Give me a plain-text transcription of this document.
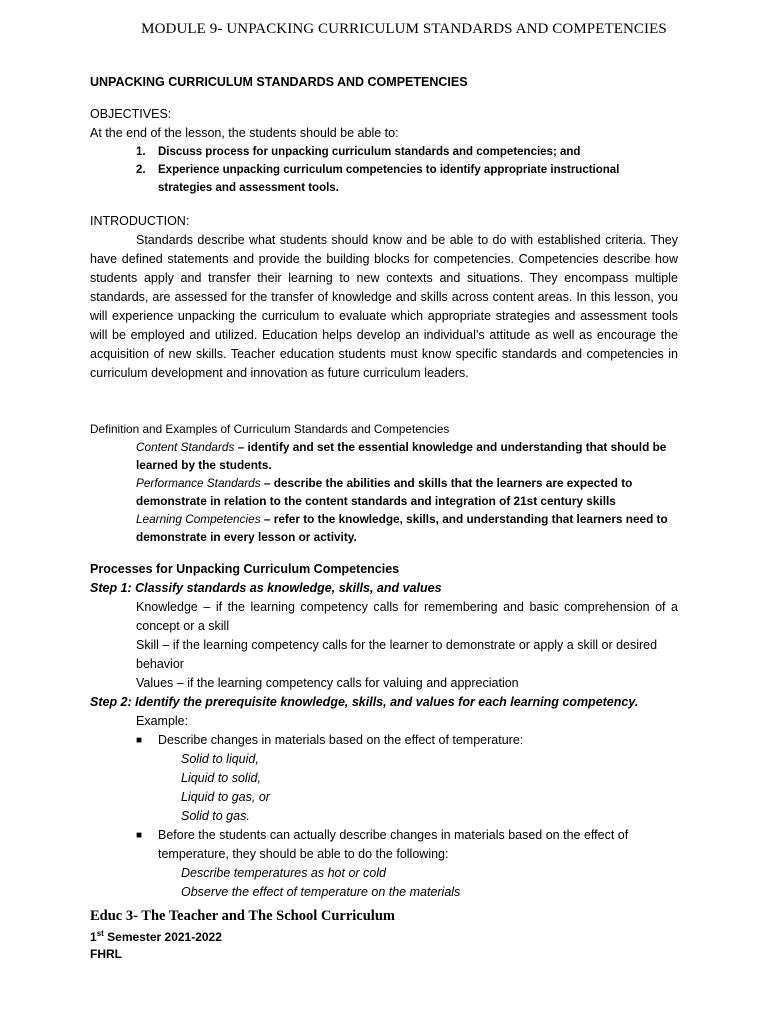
MODULE 9- UNPACKING CURRICULUM STANDARDS AND COMPETENCIES
UNPACKING CURRICULUM STANDARDS AND COMPETENCIES
OBJECTIVES:
At the end of the lesson, the students should be able to:
1.	Discuss process for unpacking curriculum standards and competencies; and
2.	Experience unpacking curriculum competencies to identify appropriate instructional strategies and assessment tools.
INTRODUCTION:
Standards describe what students should know and be able to do with established criteria. They have defined statements and provide the building blocks for competencies. Competencies describe how students apply and transfer their learning to new contexts and situations. They encompass multiple standards, are assessed for the transfer of knowledge and skills across content areas. In this lesson, you will experience unpacking the curriculum to evaluate which appropriate strategies and assessment tools will be employed and utilized. Education helps develop an individual’s attitude as well as encourage the acquisition of new skills. Teacher education students must know specific standards and competencies in curriculum development and innovation as future curriculum leaders.
Definition and Examples of Curriculum Standards and Competencies
Content Standards – identify and set the essential knowledge and understanding that should be learned by the students.
Performance Standards – describe the abilities and skills that the learners are expected to demonstrate in relation to the content standards and integration of 21st century skills
Learning Competencies – refer to the knowledge, skills, and understanding that learners need to demonstrate in every lesson or activity.
Processes for Unpacking Curriculum Competencies
Step 1: Classify standards as knowledge, skills, and values
Knowledge – if the learning competency calls for remembering and basic comprehension of a concept or a skill
Skill – if the learning competency calls for the learner to demonstrate or apply a skill or desired behavior
Values – if the learning competency calls for valuing and appreciation
Step 2: Identify the prerequisite knowledge, skills, and values for each learning competency.
Example:
■	Describe changes in materials based on the effect of temperature:
Solid to liquid,
Liquid to solid,
Liquid to gas, or
Solid to gas.
■	Before the students can actually describe changes in materials based on the effect of temperature, they should be able to do the following:
Describe temperatures as hot or cold
Observe the effect of temperature on the materials
Educ 3- The Teacher and The School Curriculum
1st Semester 2021-2022
FHRL
